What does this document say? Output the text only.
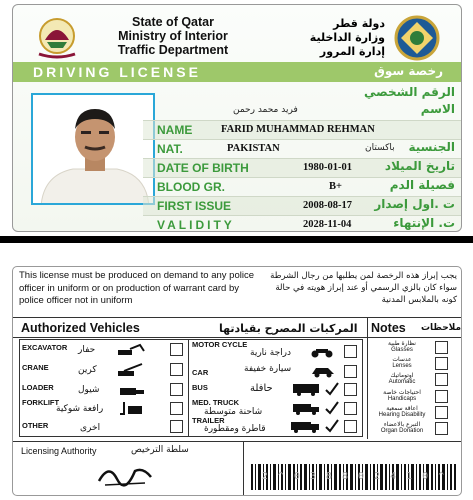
State of Qatar
Ministry of Interior
Traffic Department
دولة قطر
وزارة الداخلية
إدارة المرور
DRIVING LICENSE	رخصة سوق
الرقم الشخصي
فريد محمد رحمن	الاسم
NAME	FARID MUHAMMAD REHMAN
NAT.	PAKISTAN	باكستان الجنسية
DATE OF BIRTH	1980-01-01	تاريخ الميلاد
BLOOD GR.	B+	فصيلة الدم
FIRST ISSUE	2008-08-17 ت .اول إصدار
VALIDITY	2028-11-04	ت. الإنتهاء
This license must be produced on demand to any police officer in uniform or on production of warrant card by police officer not in uniform
يجب إبراز هذه الرخصة لمن يطلبها من رجال الشرطة سواء كان بالزي الرسمي أو عند إبراز هويته في حالة كونه بالملابس المدنية
Authorized Vehicles	المركبات المصرح بقيادتها Notes ملاحظات
EXCAVATOR حفار
CRANE	كرين
LOADER	شيول
FORKLIFT
رافعة شوكية
OTHER	اخرى
MOTOR CYCLE
دراجة نارية
CAR	سيارة خفيفة
BUS	حافلة
MED. TRUCK
شاحنة متوسطة
TRAILER
قاطرة ومقطورة
نظارة طبية
Glasses
عدسات
Lenses
اوتوماتيك
Automatic
احتياجات خاصة
Handicaps
اعاقة سمعية
Hearing Disability
التبرع بالاعضاء
Organ Donation
Licensing Authority	سلطة الترخيص
2 ^ 0 3 8 8 0 2 4 1 0 ^
